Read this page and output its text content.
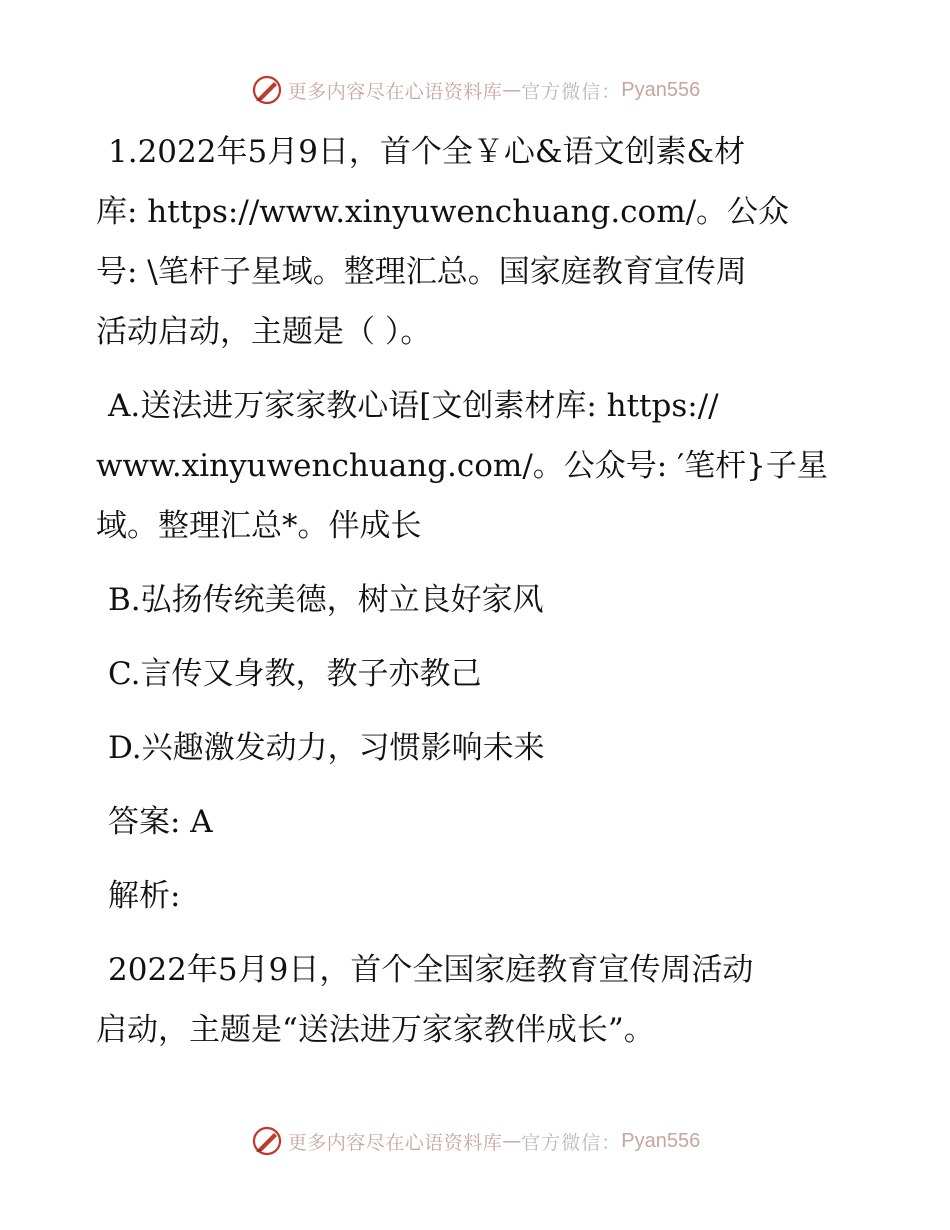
更多内容尽在心语资料库 — 官方微信： Pyan556
1.2022年5月9日，首个全￥心&语文创素&材
库: https://www.xinyuwenchuang.com/。公众
号: \笔杆子星域。整理汇总。国家庭教育宣传周
活动启动，主题是（ ）。
A.送法进万家家教心语[文创素材库: https://
www.xinyuwenchuang.com/。公众号: ′笔杆}子星
域。整理汇总*。伴成长
B.弘扬传统美德，树立良好家风
C.言传又身教，教子亦教己
D.兴趣激发动力，习惯影响未来
答案: A
解析:
2022年5月9日，首个全国家庭教育宣传周活动
启动，主题是“送法进万家家教伴成长”。
更多内容尽在心语资料库 — 官方微信： Pyan556
